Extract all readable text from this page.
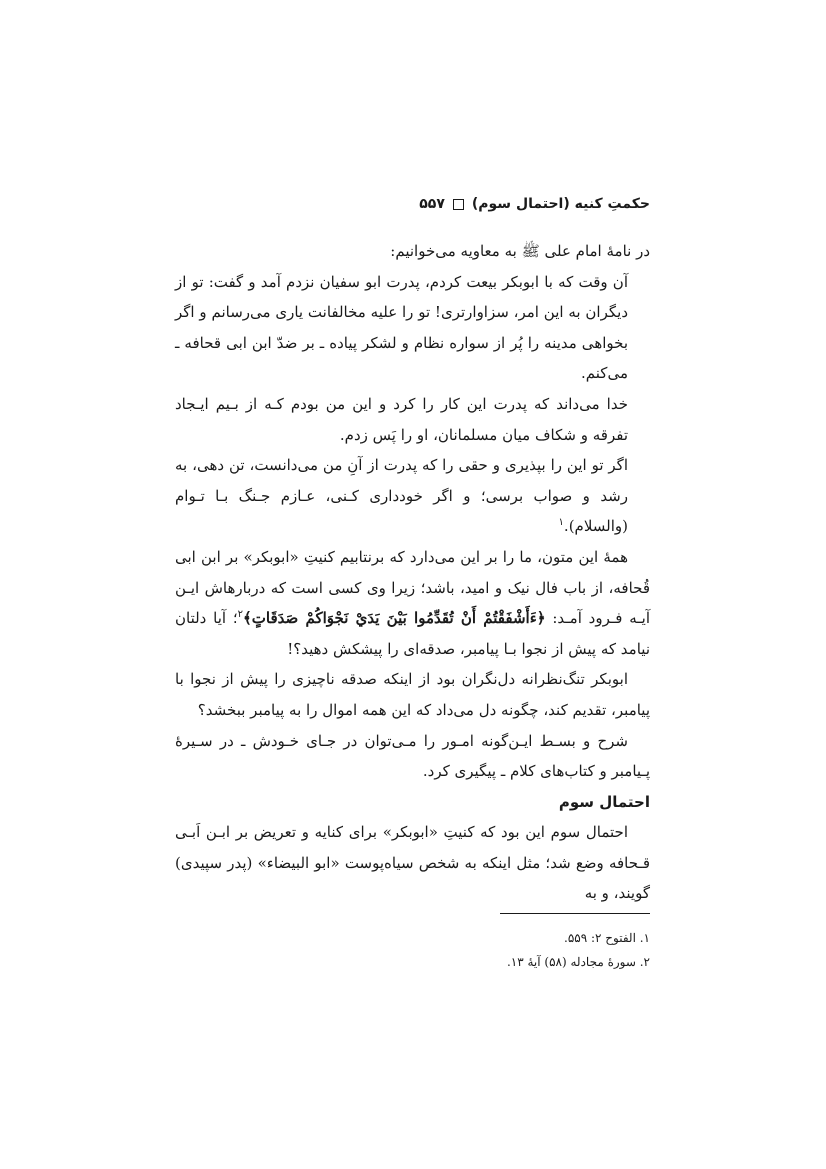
حکمتِ کنیه (احتمال سوم)
۵۵۷

در نامهٔ امام علی ﷺ به معاویه می‌خوانیم:

آن وقت که با ابوبکر بیعت کردم، پدرت ابو سفیان نزدم آمد و گفت: تو از دیگران به این امر، سزاوارتری! تو را علیه مخالفانت یاری می‌رسانم و اگر بخواهی مدینه را پُر از سواره نظام و لشکر پیاده ـ بر ضدّ ابن ابی قحافه ـ می‌کنم.

خدا می‌داند که پدرت این کار را کرد و این من بودم کـه از بـیم ایـجاد تفرقه و شکاف میان مسلمانان، او را پَس زدم.

اگر تو این را بپذیری و حقی را که پدرت از آنِ من می‌دانست، تن دهی، به رشد و صواب برسی؛ و اگر خودداری کـنی، عـازم جـنگ بـا تـوام (والسلام).$^۱$

همهٔ این متون، ما را بر این می‌دارد که برنتابیم کنیتِ «ابوبکر» بر ابن ابی قُحافه، از باب فال نیک و امید، باشد؛ زیرا وی کسی است که دربارهاش ایـن آیـه فـرود آمـد: ﴿ءَأَشْفَقْتُمْ أَنْ تُقَدِّمُوا بَيْنَ يَدَيْ نَجْوَاكُمْ صَدَقَاتٍ﴾$^۲$؛ آیا دلتان نیامد که پیش از نجوا بـا پیامبر، صدقه‌ای را پیشکش دهید؟!

ابوبکر تنگ‌نظرانه دل‌نگران بود از اینکه صدقه ناچیزی را پیش از نجوا با پیامبر، تقدیم کند، چگونه دل می‌داد که این همه اموال را به پیامبر ببخشد؟

شرح و بسـط ایـن‌گونه امـور را مـی‌توان در جـای خـودش ـ در سـیرهٔ پـیامبر و کتاب‌های کلام ـ پیگیری کرد.

احتمال سوم

احتمال سوم این بود که کنیتِ «ابوبکر» برای کنایه و تعریض بر ابـن اَبـی قـحافه وضع شد؛ مثل اینکه به شخص سیاه‌پوست «ابو البیضاء» (پدر سپیدی) گویند، و به

۱. الفتوح ۲: ۵۵۹.
۲. سورهٔ مجادله (۵۸) آیهٔ ۱۳.
